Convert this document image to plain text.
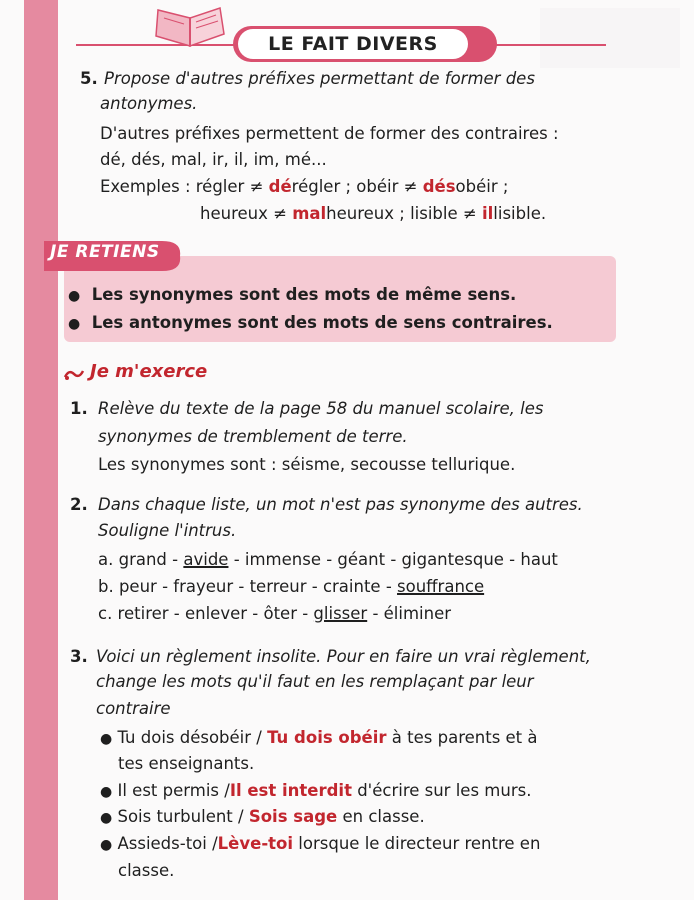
LE FAIT DIVERS
5. Propose d'autres préfixes permettant de former des
antonymes.
D'autres préfixes permettent de former des contraires :
dé, dés, mal, ir, il, im, mé...
Exemples : régler ≠ dérégler ; obéir ≠ désobéir ;
heureux ≠ malheureux ; lisible ≠ illisible.
JE RETIENS
● Les synonymes sont des mots de même sens.
● Les antonymes sont des mots de sens contraires.
Je m'exerce
1. Relève du texte de la page 58 du manuel scolaire, les
synonymes de tremblement de terre.
Les synonymes sont : séisme, secousse tellurique.
2. Dans chaque liste, un mot n'est pas synonyme des autres.
Souligne l'intrus.
a. grand - avide - immense - géant - gigantesque - haut
b. peur - frayeur - terreur - crainte - souffrance
c. retirer - enlever - ôter - glisser - éliminer
3. Voici un règlement insolite. Pour en faire un vrai règlement,
change les mots qu'il faut en les remplaçant par leur
contraire
● Tu dois désobéir / Tu dois obéir à tes parents et à
tes enseignants.
● Il est permis /Il est interdit d'écrire sur les murs.
● Sois turbulent / Sois sage en classe.
● Assieds-toi /Lève-toi lorsque le directeur rentre en
classe.
